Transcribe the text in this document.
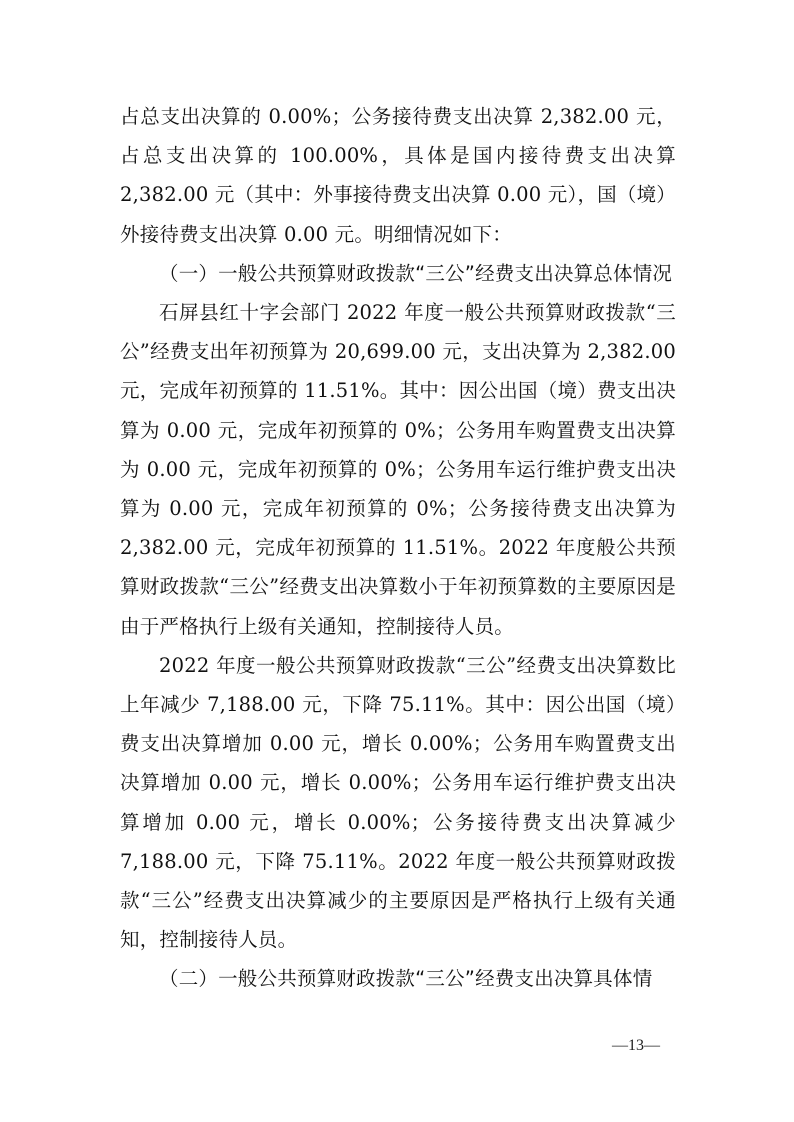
占总支出决算的 0.00%；公务接待费支出决算 2,382.00 元，占总支出决算的 100.00%，具体是国内接待费支出决算 2,382.00 元（其中：外事接待费支出决算 0.00 元），国（境）外接待费支出决算 0.00 元。明细情况如下：

（一）一般公共预算财政拨款“三公”经费支出决算总体情况

石屏县红十字会部门 2022 年度一般公共预算财政拨款“三公”经费支出年初预算为 20,699.00 元，支出决算为 2,382.00 元，完成年初预算的 11.51%。其中：因公出国（境）费支出决算为 0.00 元，完成年初预算的 0%；公务用车购置费支出决算为 0.00 元，完成年初预算的 0%；公务用车运行维护费支出决算为 0.00 元，完成年初预算的 0%；公务接待费支出决算为 2,382.00 元，完成年初预算的 11.51%。2022 年度般公共预算财政拨款“三公”经费支出决算数小于年初预算数的主要原因是由于严格执行上级有关通知，控制接待人员。

2022 年度一般公共预算财政拨款“三公”经费支出决算数比上年减少 7,188.00 元，下降 75.11%。其中：因公出国（境）费支出决算增加 0.00 元，增长 0.00%；公务用车购置费支出决算增加 0.00 元，增长 0.00%；公务用车运行维护费支出决算增加 0.00 元，增长 0.00%；公务接待费支出决算减少 7,188.00 元，下降 75.11%。2022 年度一般公共预算财政拨款“三公”经费支出决算减少的主要原因是严格执行上级有关通知，控制接待人员。

（二）一般公共预算财政拨款“三公”经费支出决算具体情

—13—
